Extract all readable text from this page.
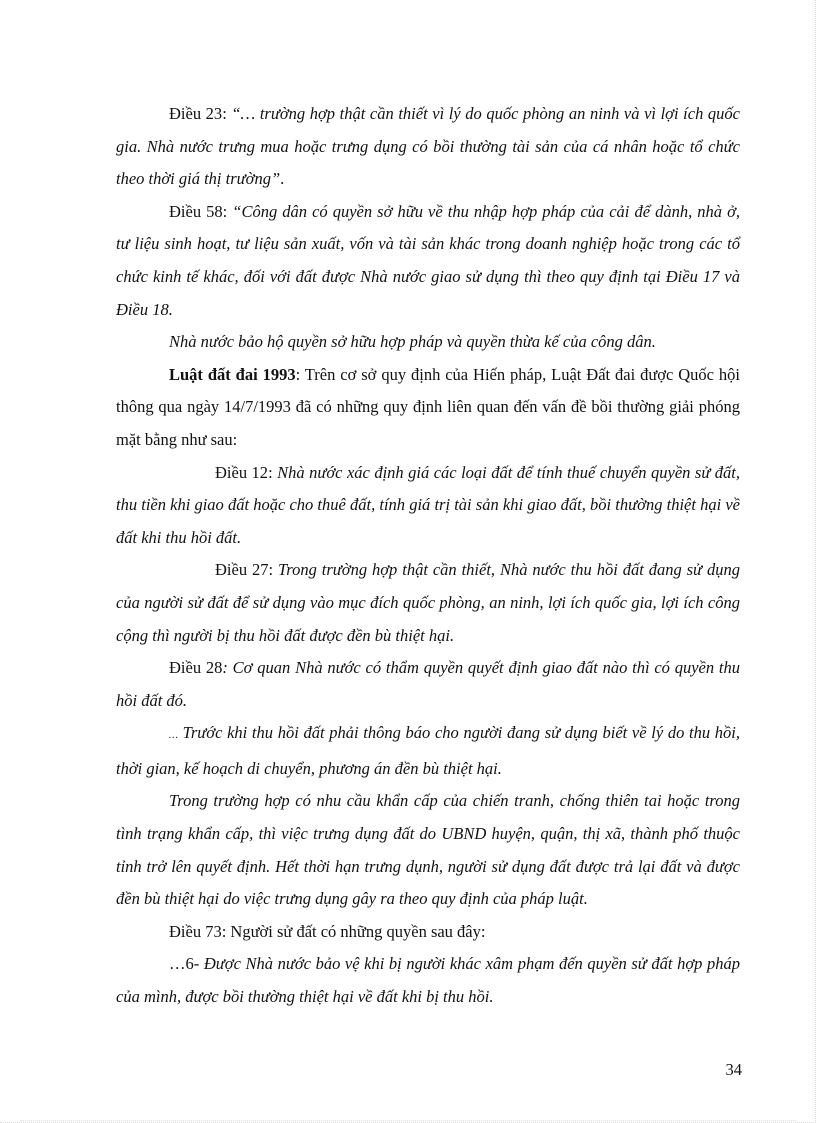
Điều 23: “… trường hợp thật cần thiết vì lý do quốc phòng an ninh và vì lợi ích quốc gia. Nhà nước trưng mua hoặc trưng dụng có bồi thường tài sản của cá nhân hoặc tổ chức theo thời giá thị trường”.

Điều 58: “Công dân có quyền sở hữu về thu nhập hợp pháp của cải để dành, nhà ở, tư liệu sinh hoạt, tư liệu sản xuất, vốn và tài sản khác trong doanh nghiệp hoặc trong các tổ chức kinh tế khác, đối với đất được Nhà nước giao sử dụng thì theo quy định tại Điều 17 và Điều 18.

Nhà nước bảo hộ quyền sở hữu hợp pháp và quyền thừa kế của công dân.

Luật đất đai 1993: Trên cơ sở quy định của Hiến pháp, Luật Đất đai được Quốc hội thông qua ngày 14/7/1993 đã có những quy định liên quan đến vấn đề bồi thường giải phóng mặt bằng như sau:

Điều 12: Nhà nước xác định giá các loại đất để tính thuế chuyển quyền sử đất, thu tiền khi giao đất hoặc cho thuê đất, tính giá trị tài sản khi giao đất, bồi thường thiệt hại về đất khi thu hồi đất.

Điều 27: Trong trường hợp thật cần thiết, Nhà nước thu hồi đất đang sử dụng của người sử đất để sử dụng vào mục đích quốc phòng, an ninh, lợi ích quốc gia, lợi ích công cộng thì người bị thu hồi đất được đền bù thiệt hại.

Điều 28: Cơ quan Nhà nước có thẩm quyền quyết định giao đất nào thì có quyền thu hồi đất đó.

… Trước khi thu hồi đất phải thông báo cho người đang sử dụng biết về lý do thu hồi, thời gian, kế hoạch di chuyển, phương án đền bù thiệt hại.

Trong trường hợp có nhu cầu khẩn cấp của chiến tranh, chống thiên tai hoặc trong tình trạng khẩn cấp, thì việc trưng dụng đất do UBND huyện, quận, thị xã, thành phố thuộc tỉnh trở lên quyết định. Hết thời hạn trưng dụnh, người sử dụng đất được trả lại đất và được đền bù thiệt hại do việc trưng dụng gây ra theo quy định của pháp luật.

Điều 73: Người sử đất có những quyền sau đây:

…6- Được Nhà nước bảo vệ khi bị người khác xâm phạm đến quyền sử đất hợp pháp của mình, được bồi thường thiệt hại về đất khi bị thu hồi.

34
